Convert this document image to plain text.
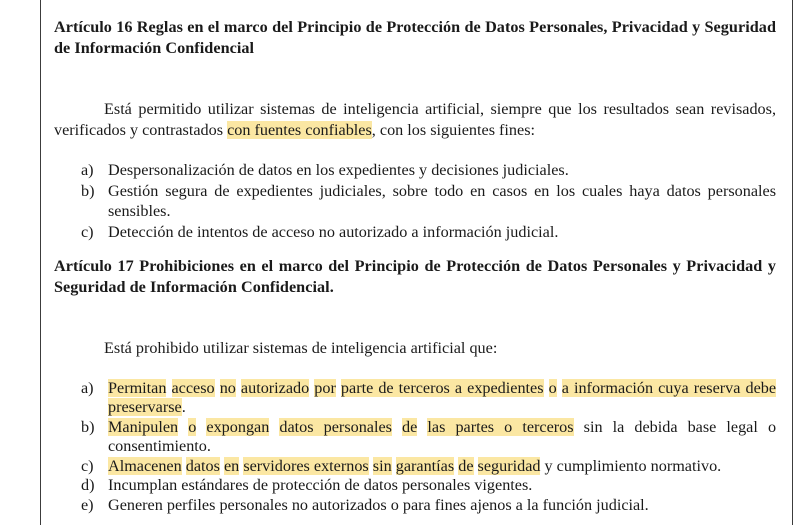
Artículo 16 Reglas en el marco del Principio de Protección de Datos Personales, Privacidad y Seguridad de Información Confidencial

Está permitido utilizar sistemas de inteligencia artificial, siempre que los resultados sean revisados, verificados y contrastados con fuentes confiables, con los siguientes fines:

a) Despersonalización de datos en los expedientes y decisiones judiciales.
b) Gestión segura de expedientes judiciales, sobre todo en casos en los cuales haya datos personales sensibles.
c) Detección de intentos de acceso no autorizado a información judicial.

Artículo 17 Prohibiciones en el marco del Principio de Protección de Datos Personales y Privacidad y Seguridad de Información Confidencial.

Está prohibido utilizar sistemas de inteligencia artificial que:

a) Permitan acceso no autorizado por parte de terceros a expedientes o a información cuya reserva debe preservarse.
b) Manipulen o expongan datos personales de las partes o terceros sin la debida base legal o consentimiento.
c) Almacenen datos en servidores externos sin garantías de seguridad y cumplimiento normativo.
d) Incumplan estándares de protección de datos personales vigentes.
e) Generen perfiles personales no autorizados o para fines ajenos a la función judicial.
